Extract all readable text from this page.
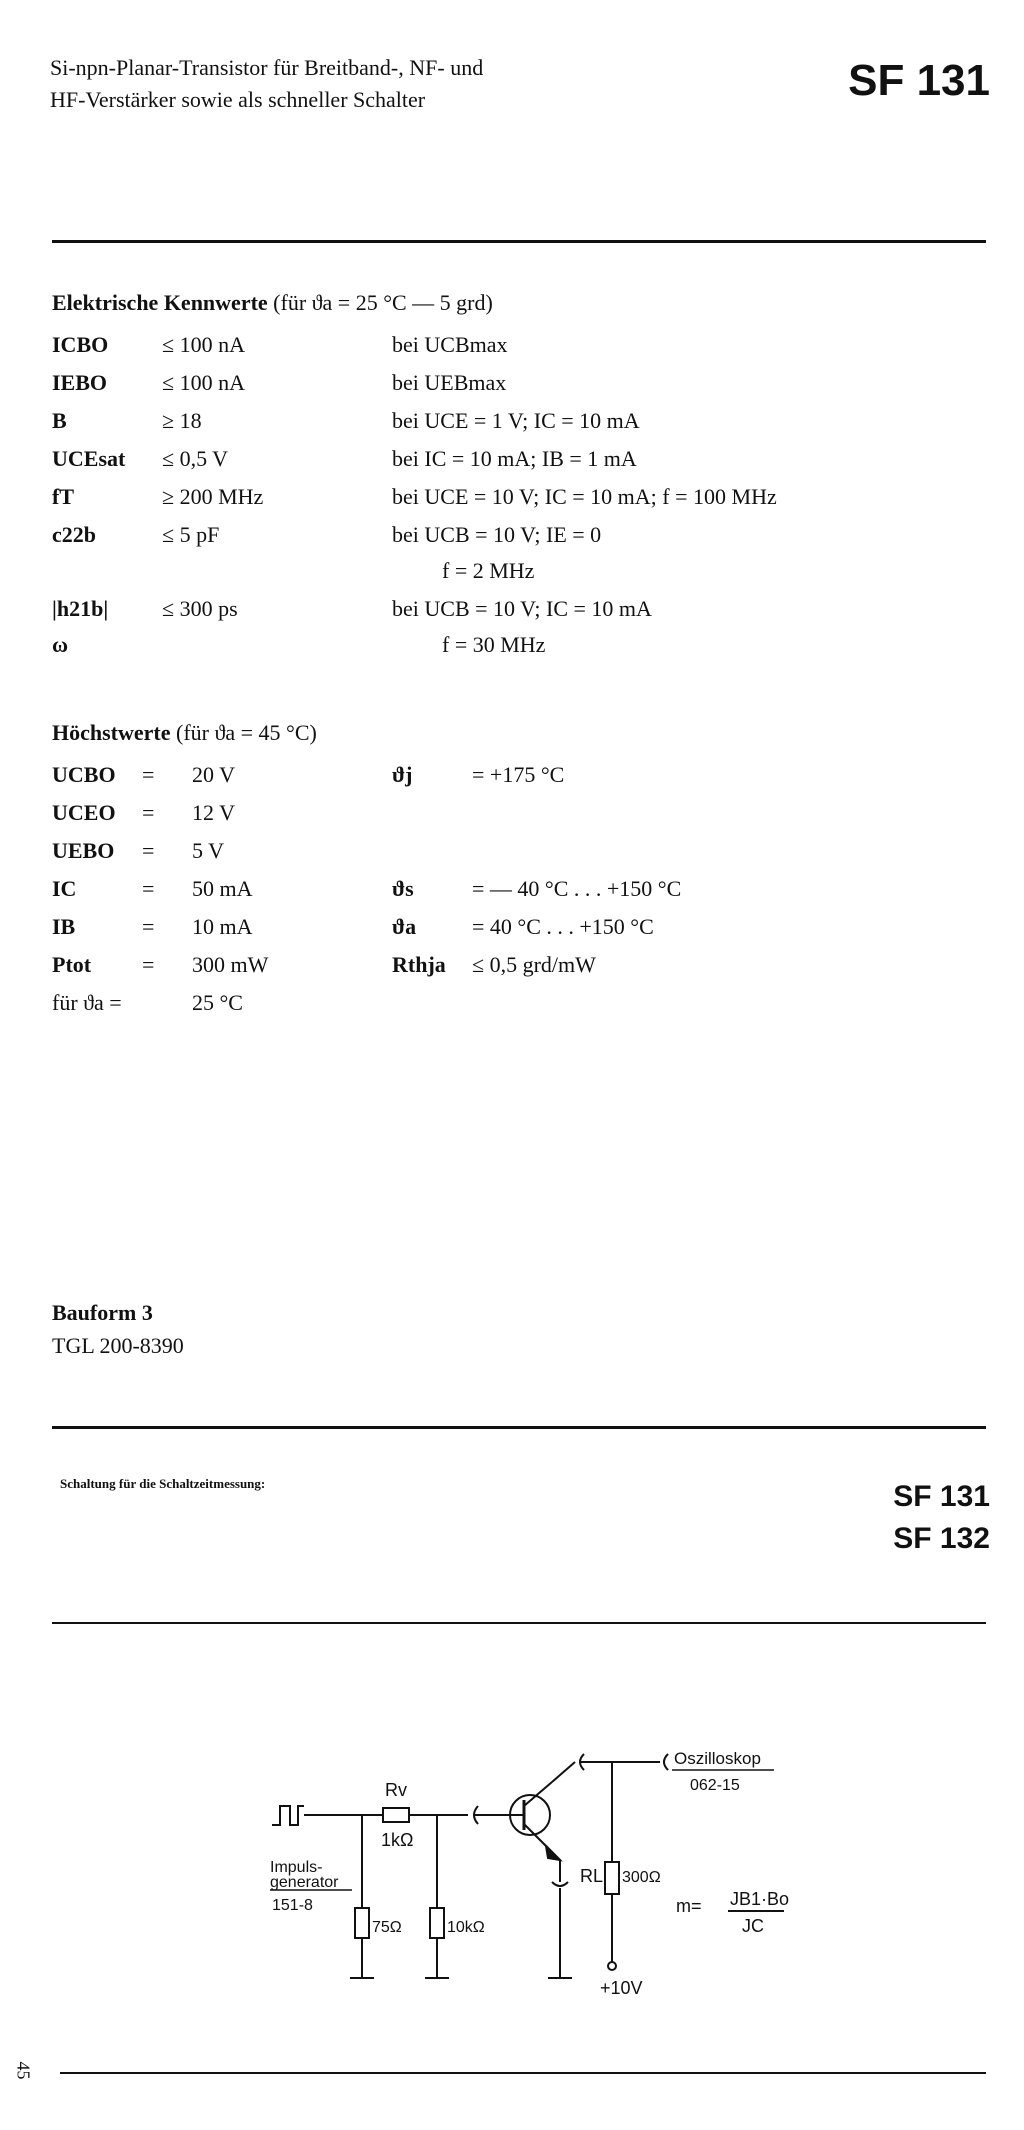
Si-npn-Planar-Transistor für Breitband-, NF- und
HF-Verstärker sowie als schneller Schalter	SF 131
Elektrische Kennwerte (für ϑa = 25 °C — 5 grd)
ICBO ≤ 100 nA	bei UCBmax
IEBO ≤ 100 nA	bei UEBmax
B	≥ 18	bei UCE = 1 V; IC = 10 mA
UCEsat ≤ 0,5 V	bei IC = 10 mA; IB = 1 mA
fT	≥ 200 MHz	bei UCE = 10 V; IC = 10 mA; f = 100 MHz
c22b	≤ 5 pF	bei UCB = 10 V; IE = 0
f = 2 MHz
|h21b| ≤ 300 ps	bei UCB = 10 V; IC = 10 mA
ω	f = 30 MHz
Höchstwerte (für ϑa = 45 °C)
UCBO = 20 V	ϑj	= +175 °C
UCEO = 12 V
UEBO = 5 V
IC	= 50 mA	ϑs	= — 40 °C . . . +150 °C
IB	= 10 mA	ϑa	= 40 °C . . . +150 °C
Ptot = 300 mW	Rthja ≤ 0,5 grd/mW
für ϑa =	25 °C
Bauform 3
TGL 200-8390
Schaltung für die Schaltzeitmessung:	SF 131
SF 132
Rv
1kΩ
Impuls-
generator
151-8
75Ω	10kΩ
RL 300Ω
Oszilloskop
062-15
+10V
m= JB1·Bo
JC
45
